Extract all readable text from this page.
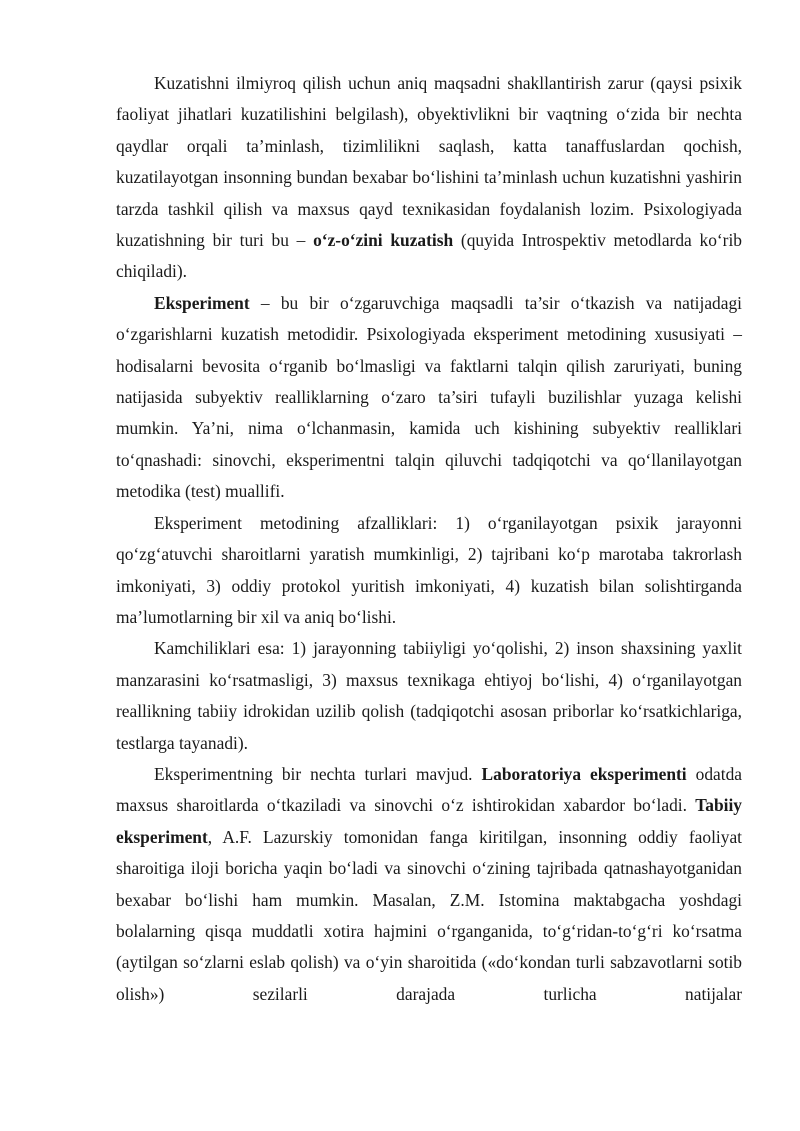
Kuzatishni ilmiyroq qilish uchun aniq maqsadni shakllantirish zarur (qaysi psixik faoliyat jihatlari kuzatilishini belgilash), obyektivlikni bir vaqtning o‘zida bir nechta qaydlar orqali ta’minlash, tizimlilikni saqlash, katta tanaffuslardan qochish, kuzatilayotgan insonning bundan bexabar bo‘lishini ta’minlash uchun kuzatishni yashirin tarzda tashkil qilish va maxsus qayd texnikasidan foydalanish lozim. Psixologiyada kuzatishning bir turi bu – o‘z-o‘zini kuzatish (quyida Introspektiv metodlarda ko‘rib chiqiladi).

Eksperiment – bu bir o‘zgaruvchiga maqsadli ta’sir o‘tkazish va natijadagi o‘zgarishlarni kuzatish metodidir. Psixologiyada eksperiment metodining xususiyati – hodisalarni bevosita o‘rganib bo‘lmasligi va faktlarni talqin qilish zaruriyati, buning natijasida subyektiv realliklarning o‘zaro ta’siri tufayli buzilishlar yuzaga kelishi mumkin. Ya’ni, nima o‘lchanmasin, kamida uch kishining subyektiv realliklari to‘qnashadi: sinovchi, eksperimentni talqin qiluvchi tadqiqotchi va qo‘llanilayotgan metodika (test) muallifi.

Eksperiment metodining afzalliklari: 1) o‘rganilayotgan psixik jarayonni qo‘zg‘atuvchi sharoitlarni yaratish mumkinligi, 2) tajribani ko‘p marotaba takrorlash imkoniyati, 3) oddiy protokol yuritish imkoniyati, 4) kuzatish bilan solishtirganda ma’lumotlarning bir xil va aniq bo‘lishi.

Kamchiliklari esa: 1) jarayonning tabiiyligi yo‘qolishi, 2) inson shaxsining yaxlit manzarasini ko‘rsatmasligi, 3) maxsus texnikaga ehtiyoj bo‘lishi, 4) o‘rganilayotgan reallikning tabiiy idrokidan uzilib qolish (tadqiqotchi asosan priborlar ko‘rsatkichlariga, testlarga tayanadi).

Eksperimentning bir nechta turlari mavjud. Laboratoriya eksperimenti odatda maxsus sharoitlarda o‘tkaziladi va sinovchi o‘z ishtirokidan xabardor bo‘ladi. Tabiiy eksperiment, A.F. Lazurskiy tomonidan fanga kiritilgan, insonning oddiy faoliyat sharoitiga iloji boricha yaqin bo‘ladi va sinovchi o‘zining tajribada qatnashayotganidan bexabar bo‘lishi ham mumkin. Masalan, Z.M. Istomina maktabgacha yoshdagi bolalarning qisqa muddatli xotira hajmini o‘rganganida, to‘g‘ridan-to‘g‘ri ko‘rsatma (aytilgan so‘zlarni eslab qolish) va o‘yin sharoitida («do‘kondan turli sabzavotlarni sotib olish») sezilarli darajada turlicha natijalar
